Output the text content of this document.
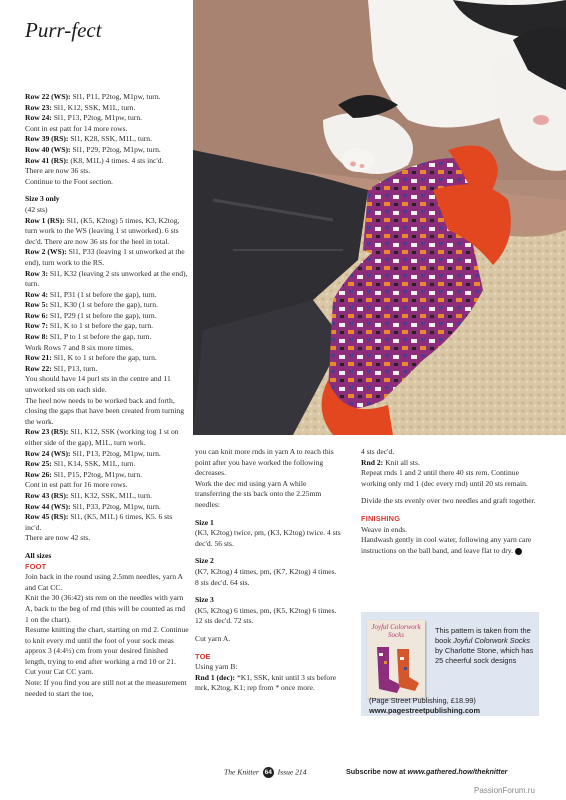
Purr-fect

Row 22 (WS): Sl1, P11, P2tog, M1pw, turn.

Row 23: Sl1, K12, SSK, M1L, turn.

Row 24: Sl1, P13, P2tog, M1pw, turn.

Cont in est patt for 14 more rows.

Row 39 (RS): Sl1, K28, SSK, M1L, turn.

Row 40 (WS): Sl1, P29, P2tog, M1pw, turn.

Row 41 (RS): (K8, M1L) 4 times. 4 sts inc'd.

There are now 36 sts.

Continue to the Foot section.

Size 3 only

(42 sts)

Row 1 (RS): Sl1, (K5, K2tog) 5 times, K3, K2tog, turn work to the WS (leaving 1 st unworked). 6 sts dec'd. There are now 36 sts for the heel in total.

Row 2 (WS): Sl1, P33 (leaving 1 st unworked at the end), turn work to the RS.

Row 3: Sl1, K32 (leaving 2 sts unworked at the end), turn.

Row 4: Sl1, P31 (1 st before the gap), turn.

Row 5: Sl1, K30 (1 st before the gap), turn.

Row 6: Sl1, P29 (1 st before the gap), turn.

Row 7: Sl1, K to 1 st before the gap, turn.

Row 8: Sl1, P to 1 st before the gap, turn.

Work Rows 7 and 8 six more times.

Row 21: Sl1, K to 1 st before the gap, turn.

Row 22: Sl1, P13, turn.

You should have 14 purl sts in the centre and 11 unworked sts on each side.

The heel now needs to be worked back and forth, closing the gaps that have been created from turning the work.

Row 23 (RS): Sl1, K12, SSK (working tog 1 st on either side of the gap), M1L, turn work.

Row 24 (WS): Sl1, P13, P2tog, M1pw, turn.

Row 25: Sl1, K14, SSK, M1L, turn.

Row 26: Sl1, P15, P2tog, M1pw, turn.

Cont in est patt for 16 more rows.

Row 43 (RS): Sl1, K32, SSK, M1L, turn.

Row 44 (WS): Sl1, P33, P2tog, M1pw, turn.

Row 45 (RS): Sl1, (K5, M1L) 6 times, K5. 6 sts inc'd.

There are now 42 sts.

All sizes

FOOT

Join back in the round using 2.5mm needles, yarn A and Cat CC.

Knit the 30 (36:42) sts rem on the needles with yarn A, back to the beg of rnd (this will be counted as rnd 1 on the chart).

Resume knitting the chart, starting on rnd 2. Continue to knit every rnd until the foot of your sock meas approx 3 (4:4½) cm from your desired finished length, trying to end after working a rnd 10 or 21.

Cut your Cat CC yarn.

Note: If you find you are still not at the measurement needed to start the toe,

you can knit more rnds in yarn A to reach this point after you have worked the following decreases.

Work the dec rnd using yarn A while transferring the sts back onto the 2.25mm needles:

Size 1

(K3, K2tog) twice, pm, (K3, K2tog) twice. 4 sts dec'd. 56 sts.

Size 2

(K7, K2tog) 4 times, pm, (K7, K2tog) 4 times.

8 sts dec'd. 64 sts.

Size 3

(K5, K2tog) 6 times, pm, (K5, K2tog) 6 times.

12 sts dec'd. 72 sts.

Cut yarn A.

TOE

Using yarn B:

Rnd 1 (dec): *K1, SSK, knit until 3 sts before mrk, K2tog, K1; rep from * once more.

4 sts dec'd.

Rnd 2: Knit all sts.

Repeat rnds 1 and 2 until there 40 sts rem. Continue working only rnd 1 (dec every rnd) until 20 sts remain.

Divide the sts evenly over two needles and graft together.

FINISHING

Weave in ends.

Handwash gently in cool water, following any yarn care instructions on the ball band, and leave flat to dry.

Joyful Colorwork Socks	This pattern is taken from the book Joyful Colorwork Socks by Charlotte Stone, which has 25 cheerful sock designs
(Page Street Publishing, £18.99)
www.pagestreetpublishing.com
The Knitter 64 Issue 214	Subscribe now at www.gathered.how/theknitter
PassionForum.ru
